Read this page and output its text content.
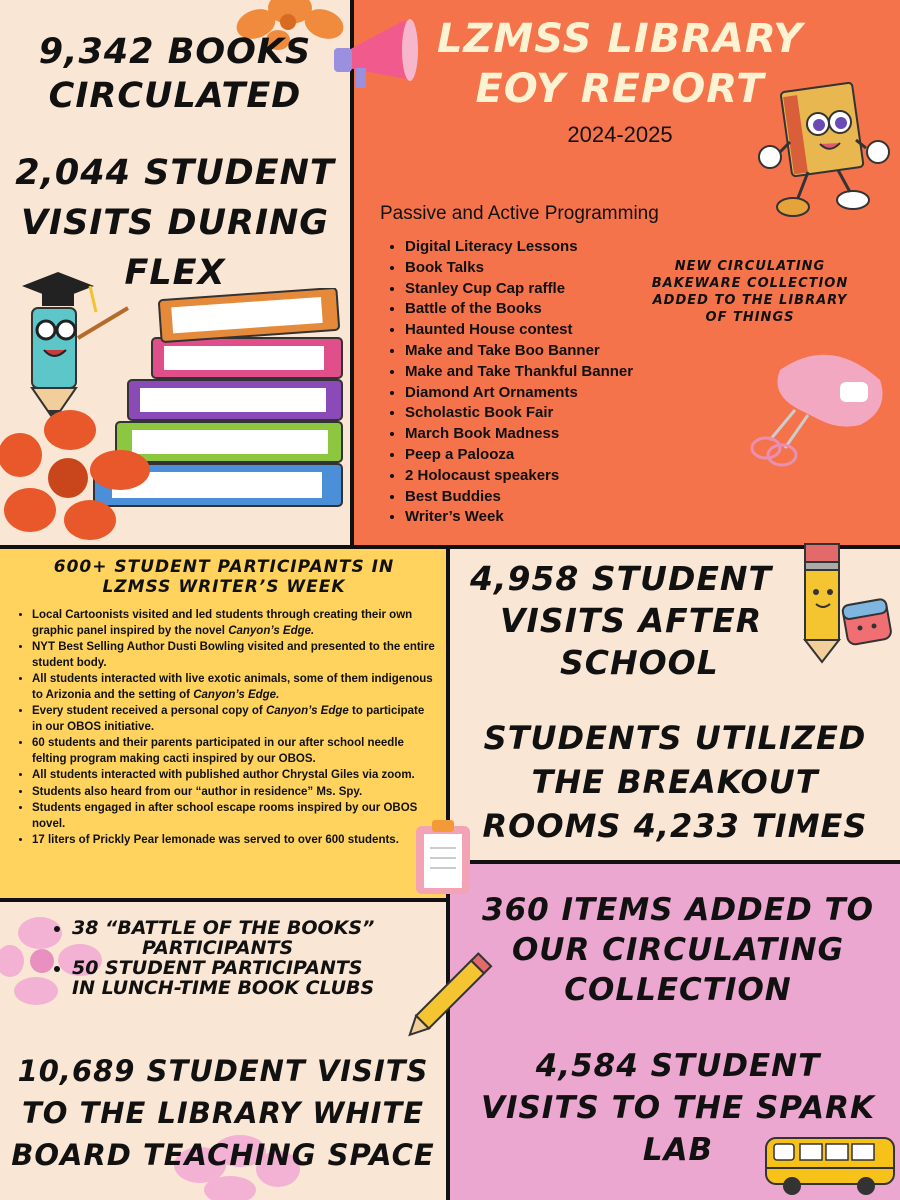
9,342 BOOKS

CIRCULATED

2,044 STUDENT

VISITS DURING

FLEX

LZMSS LIBRARY

EOY REPORT

2024-2025
Passive and Active Programming
• Digital Literacy Lessons
• Book Talks
• Stanley Cup Cap raffle
• Battle of the Books
• Haunted House contest
• Make and Take Boo Banner
• Make and Take Thankful Banner
• Diamond Art Ornaments
• Scholastic Book Fair
• March Book Madness
• Peep a Palooza
• 2 Holocaust speakers
• Best Buddies
• Writer’s Week

NEW CIRCULATING

BAKEWARE COLLECTION

ADDED TO THE LIBRARY

OF THINGS

600+ STUDENT PARTICIPANTS IN

LZMSS WRITER’S WEEK

• Local Cartoonists visited and led students through creating their own graphic panel inspired by the novel Canyon’s Edge.
• NYT Best Selling Author Dusti Bowling visited and presented to the entire student body.
• All students interacted with live exotic animals, some of them indigenous to Arizonia and the setting of Canyon’s Edge.
• Every student received a personal copy of Canyon’s Edge to participate in our OBOS initiative.
• 60 students and their parents participated in our after school needle felting program making cacti inspired by our OBOS.
• All students interacted with published author Chrystal Giles via zoom.
• Students also heard from our “author in residence” Ms. Spy.
• Students engaged in after school escape rooms inspired by our OBOS novel.
• 17 liters of Prickly Pear lemonade was served to over 600 students.

4,958 STUDENT

VISITS AFTER

SCHOOL

STUDENTS UTILIZED

THE BREAKOUT

ROOMS 4,233 TIMES

• 38 “BATTLE OF THE BOOKS”
PARTICIPANTS
• 50 STUDENT PARTICIPANTS
IN LUNCH-TIME BOOK CLUBS

10,689 STUDENT VISITS

TO THE LIBRARY WHITE

BOARD TEACHING SPACE

360 ITEMS ADDED TO

OUR CIRCULATING

COLLECTION

4,584 STUDENT

VISITS TO THE SPARK

LAB
